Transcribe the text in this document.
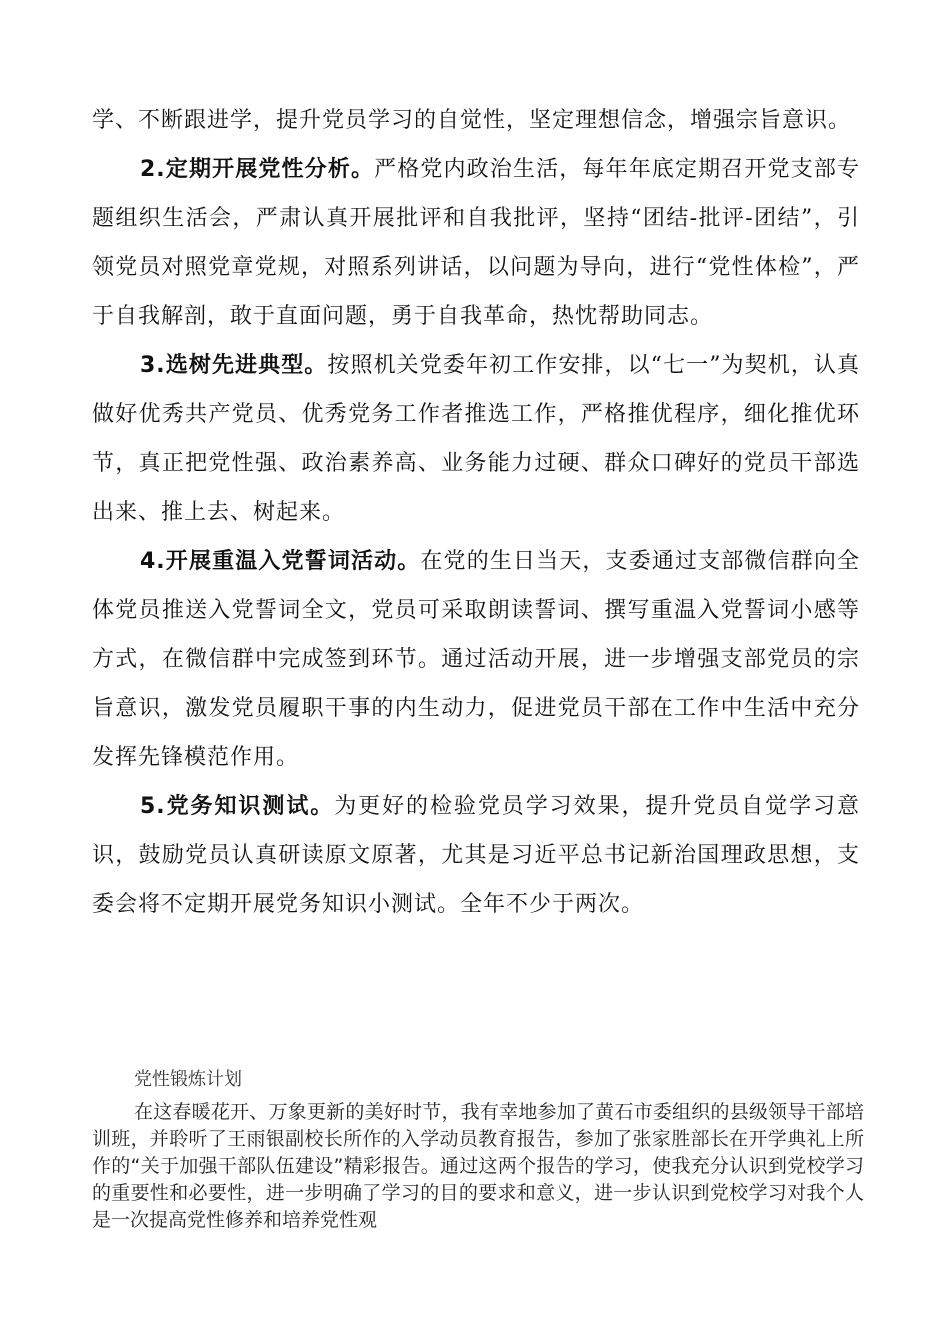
学、不断跟进学，提升党员学习的自觉性，坚定理想信念，增强宗旨意识。

2.定期开展党性分析。严格党内政治生活，每年年底定期召开党支部专题组织生活会，严肃认真开展批评和自我批评，坚持“团结-批评-团结”，引领党员对照党章党规，对照系列讲话，以问题为导向，进行“党性体检”，严于自我解剖，敢于直面问题，勇于自我革命，热忱帮助同志。

3.选树先进典型。按照机关党委年初工作安排，以“七一”为契机，认真做好优秀共产党员、优秀党务工作者推选工作，严格推优程序，细化推优环节，真正把党性强、政治素养高、业务能力过硬、群众口碑好的党员干部选出来、推上去、树起来。

4.开展重温入党誓词活动。在党的生日当天，支委通过支部微信群向全体党员推送入党誓词全文，党员可采取朗读誓词、撰写重温入党誓词小感等方式，在微信群中完成签到环节。通过活动开展，进一步增强支部党员的宗旨意识，激发党员履职干事的内生动力，促进党员干部在工作中生活中充分发挥先锋模范作用。

5.党务知识测试。为更好的检验党员学习效果，提升党员自觉学习意识，鼓励党员认真研读原文原著，尤其是习近平总书记新治国理政思想，支委会将不定期开展党务知识小测试。全年不少于两次。

党性锻炼计划

在这春暖花开、万象更新的美好时节，我有幸地参加了黄石市委组织的县级领导干部培训班，并聆听了王雨银副校长所作的入学动员教育报告，参加了张家胜部长在开学典礼上所作的“关于加强干部队伍建设”精彩报告。通过这两个报告的学习，使我充分认识到党校学习的重要性和必要性，进一步明确了学习的目的要求和意义，进一步认识到党校学习对我个人是一次提高党性修养和培养党性观
